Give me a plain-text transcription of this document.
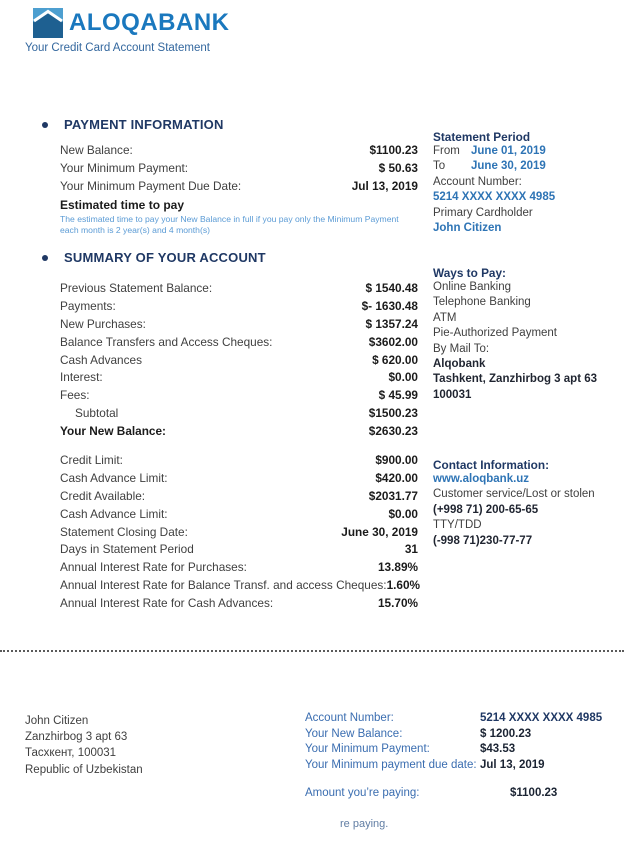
ALOQABANK
Your Credit Card Account Statement
PAYMENT INFORMATION
New Balance:	$1100.23
Your Minimum Payment:	$ 50.63
Your Minimum Payment Due Date:	Jul 13, 2019
Estimated time to pay
The estimated time to pay your New Balance in full if you pay only the Minimum Payment
each month is 2 year(s) and 4 month(s)
Statement Period
From June 01, 2019
To	June 30, 2019
Account Number:
5214 XXXX XXXX 4985
Primary Cardholder
John Citizen
SUMMARY OF YOUR ACCOUNT
Previous Statement Balance:	$ 1540.48
Payments:	$- 1630.48
New Purchases:	$ 1357.24
Balance Transfers and Access Cheques:	$3602.00
Cash Advances	$ 620.00
Interest:	$0.00
Fees:	$ 45.99
Subtotal	$1500.23
Your New Balance:	$2630.23
Credit Limit:	$900.00
Cash Advance Limit:	$420.00
Credit Available:	$2031.77
Cash Advance Limit:	$0.00
Statement Closing Date:	June 30, 2019
Days in Statement Period	31
Annual Interest Rate for Purchases:	13.89%
Annual Interest Rate for Balance Transf. and access Cheques: 1.60%
Annual Interest Rate for Cash Advances:	15.70%
Ways to Pay:
Online Banking
Telephone Banking
ATM
Pie-Authorized Payment
By Mail To:
Alqobank
Tashkent, Zanzhirbog 3 apt 63
100031
Contact Information:
www.aloqbank.uz
Customer service/Lost or stolen
(+998 71) 200-65-65
TTY/TDD
(-998 71)230-77-77
John Citizen
Zanzhirbog 3 apt 63
Тасхкент, 100031
Republic of Uzbekistan
Account Number:	5214 XXXX XXXX 4985
Your New Balance:	$ 1200.23
Your Minimum Payment:	$43.53
Your Minimum payment due date: Jul 13, 2019
Amount you’re paying:	$1100.23
re paying.
